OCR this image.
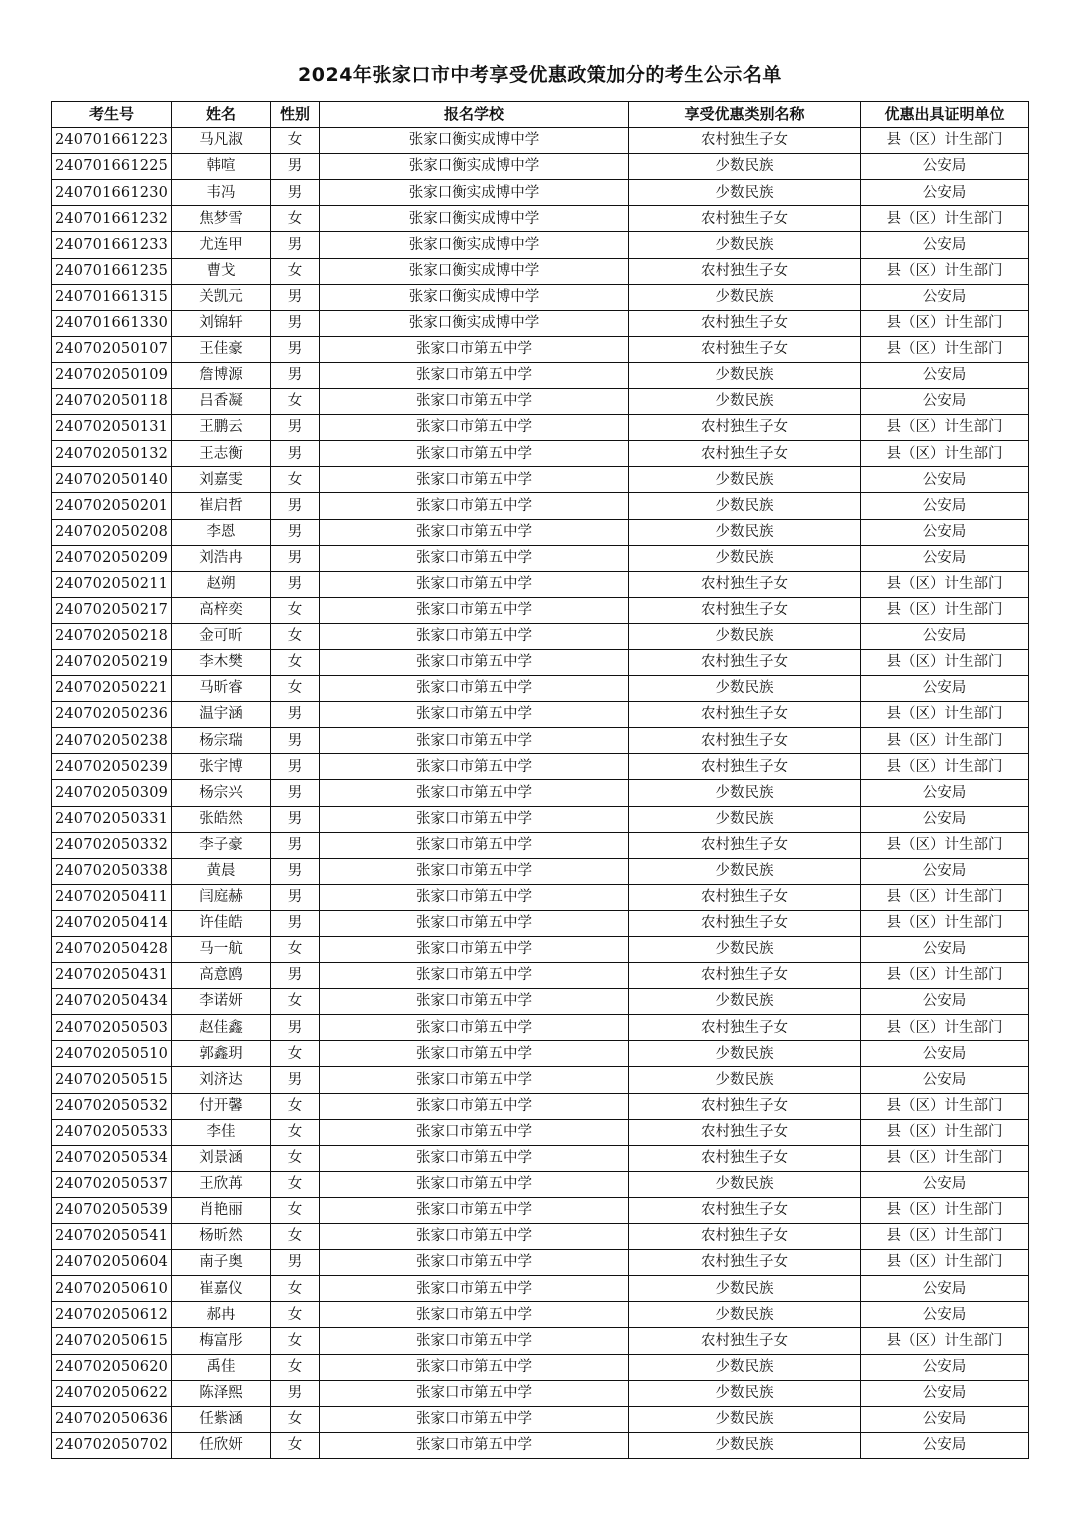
2024年张家口市中考享受优惠政策加分的考生公示名单
考生号	姓名	性别	报名学校	享受优惠类别名称	优惠出具证明单位
240701661223	马凡淑	女	张家口衡实成博中学	农村独生子女	县（区）计生部门
240701661225	韩喧	男	张家口衡实成博中学	少数民族	公安局
240701661230	韦冯	男	张家口衡实成博中学	少数民族	公安局
240701661232	焦梦雪	女	张家口衡实成博中学	农村独生子女	县（区）计生部门
240701661233	尤连甲	男	张家口衡实成博中学	少数民族	公安局
240701661235	曹戈	女	张家口衡实成博中学	农村独生子女	县（区）计生部门
240701661315	关凯元	男	张家口衡实成博中学	少数民族	公安局
240701661330	刘锦轩	男	张家口衡实成博中学	农村独生子女	县（区）计生部门
240702050107	王佳豪	男	张家口市第五中学	农村独生子女	县（区）计生部门
240702050109	詹博源	男	张家口市第五中学	少数民族	公安局
240702050118	吕香凝	女	张家口市第五中学	少数民族	公安局
240702050131	王鹏云	男	张家口市第五中学	农村独生子女	县（区）计生部门
240702050132	王志衡	男	张家口市第五中学	农村独生子女	县（区）计生部门
240702050140	刘嘉雯	女	张家口市第五中学	少数民族	公安局
240702050201	崔启哲	男	张家口市第五中学	少数民族	公安局
240702050208	李恩	男	张家口市第五中学	少数民族	公安局
240702050209	刘浩冉	男	张家口市第五中学	少数民族	公安局
240702050211	赵朔	男	张家口市第五中学	农村独生子女	县（区）计生部门
240702050217	高梓奕	女	张家口市第五中学	农村独生子女	县（区）计生部门
240702050218	金可昕	女	张家口市第五中学	少数民族	公安局
240702050219	李木樊	女	张家口市第五中学	农村独生子女	县（区）计生部门
240702050221	马昕睿	女	张家口市第五中学	少数民族	公安局
240702050236	温宇涵	男	张家口市第五中学	农村独生子女	县（区）计生部门
240702050238	杨宗瑞	男	张家口市第五中学	农村独生子女	县（区）计生部门
240702050239	张宇博	男	张家口市第五中学	农村独生子女	县（区）计生部门
240702050309	杨宗兴	男	张家口市第五中学	少数民族	公安局
240702050331	张皓然	男	张家口市第五中学	少数民族	公安局
240702050332	李子豪	男	张家口市第五中学	农村独生子女	县（区）计生部门
240702050338	黄晨	男	张家口市第五中学	少数民族	公安局
240702050411	闫庭赫	男	张家口市第五中学	农村独生子女	县（区）计生部门
240702050414	许佳皓	男	张家口市第五中学	农村独生子女	县（区）计生部门
240702050428	马一航	女	张家口市第五中学	少数民族	公安局
240702050431	高意鸥	男	张家口市第五中学	农村独生子女	县（区）计生部门
240702050434	李诺妍	女	张家口市第五中学	少数民族	公安局
240702050503	赵佳鑫	男	张家口市第五中学	农村独生子女	县（区）计生部门
240702050510	郭鑫玥	女	张家口市第五中学	少数民族	公安局
240702050515	刘济达	男	张家口市第五中学	少数民族	公安局
240702050532	付开馨	女	张家口市第五中学	农村独生子女	县（区）计生部门
240702050533	李佳	女	张家口市第五中学	农村独生子女	县（区）计生部门
240702050534	刘景涵	女	张家口市第五中学	农村独生子女	县（区）计生部门
240702050537	王欣苒	女	张家口市第五中学	少数民族	公安局
240702050539	肖艳丽	女	张家口市第五中学	农村独生子女	县（区）计生部门
240702050541	杨昕然	女	张家口市第五中学	农村独生子女	县（区）计生部门
240702050604	南子奥	男	张家口市第五中学	农村独生子女	县（区）计生部门
240702050610	崔嘉仪	女	张家口市第五中学	少数民族	公安局
240702050612	郝冉	女	张家口市第五中学	少数民族	公安局
240702050615	梅富彤	女	张家口市第五中学	农村独生子女	县（区）计生部门
240702050620	禹佳	女	张家口市第五中学	少数民族	公安局
240702050622	陈泽熙	男	张家口市第五中学	少数民族	公安局
240702050636	任紫涵	女	张家口市第五中学	少数民族	公安局
240702050702	任欣妍	女	张家口市第五中学	少数民族	公安局
